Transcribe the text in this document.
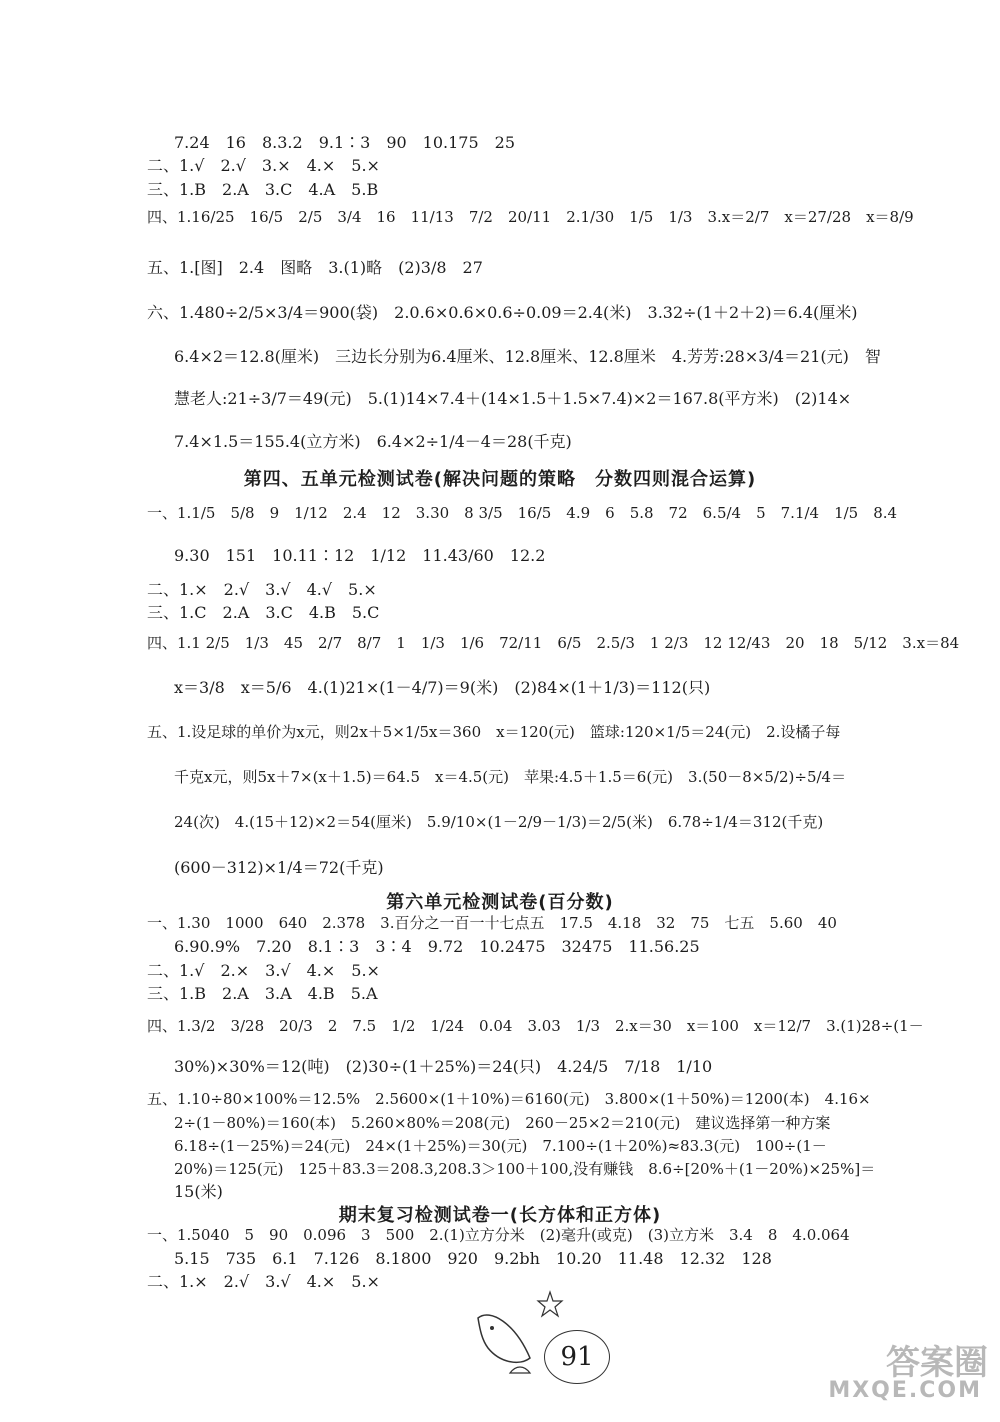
7.24　16　8.3.2　9.1∶3　90　10.175　25
二、1.√　2.√　3.×　4.×　5.×
三、1.B　2.A　3.C　4.A　5.B
四、1.16/25　16/5　2/5　3/4　16　11/13　7/2　20/11　2.1/30　1/5　1/3　3.x＝2/7　x＝27/28　x＝8/9
五、1.[图]　2.4　图略　3.(1)略　(2)3/8　27
六、1.480÷2/5×3/4＝900(袋)　2.0.6×0.6×0.6÷0.09＝2.4(米)　3.32÷(1＋2＋2)＝6.4(厘米)
6.4×2＝12.8(厘米)　三边长分别为6.4厘米、12.8厘米、12.8厘米　4.芳芳:28×3/4＝21(元)　智
慧老人:21÷3/7＝49(元)　5.(1)14×7.4＋(14×1.5＋1.5×7.4)×2＝167.8(平方米)　(2)14×
7.4×1.5＝155.4(立方米)　6.4×2÷1/4－4＝28(千克)
第四、五单元检测试卷(解决问题的策略　分数四则混合运算)
一、1.1/5　5/8　9　1/12　2.4　12　3.30　8 3/5　16/5　4.9　6　5.8　72　6.5/4　5　7.1/4　1/5　8.4
9.30　151　10.11∶12　1/12　11.43/60　12.2
二、1.×　2.√　3.√　4.√　5.×
三、1.C　2.A　3.C　4.B　5.C
四、1.1 2/5　1/3　45　2/7　8/7　1　1/3　1/6　72/11　6/5　2.5/3　1 2/3　12 12/43　20　18　5/12　3.x＝84
x＝3/8　x＝5/6　4.(1)21×(1－4/7)＝9(米)　(2)84×(1＋1/3)＝112(只)
五、1.设足球的单价为x元，则2x＋5×1/5x＝360　x＝120(元)　篮球:120×1/5＝24(元)　2.设橘子每
千克x元，则5x＋7×(x＋1.5)＝64.5　x＝4.5(元)　苹果:4.5＋1.5＝6(元)　3.(50－8×5/2)÷5/4＝
24(次)　4.(15＋12)×2＝54(厘米)　5.9/10×(1－2/9－1/3)＝2/5(米)　6.78÷1/4＝312(千克)
(600－312)×1/4＝72(千克)
第六单元检测试卷(百分数)
一、1.30　1000　640　2.378　3.百分之一百一十七点五　17.5　4.18　32　75　七五　5.60　40
6.90.9%　7.20　8.1∶3　3∶4　9.72　10.2475　32475　11.56.25
二、1.√　2.×　3.√　4.×　5.×
三、1.B　2.A　3.A　4.B　5.A
四、1.3/2　3/28　20/3　2　7.5　1/2　1/24　0.04　3.03　1/3　2.x＝30　x＝100　x＝12/7　3.(1)28÷(1－
30%)×30%＝12(吨)　(2)30÷(1＋25%)＝24(只)　4.24/5　7/18　1/10
五、1.10÷80×100%＝12.5%　2.5600×(1＋10%)＝6160(元)　3.800×(1＋50%)＝1200(本)　4.16×
2÷(1－80%)＝160(本)　5.260×80%＝208(元)　260－25×2＝210(元)　建议选择第一种方案
6.18÷(1－25%)＝24(元)　24×(1＋25%)＝30(元)　7.100÷(1＋20%)≈83.3(元)　100÷(1－
20%)＝125(元)　125＋83.3＝208.3,208.3＞100＋100,没有赚钱　8.6÷[20%＋(1－20%)×25%]＝
15(米)
期末复习检测试卷一(长方体和正方体)
一、1.5040　5　90　0.096　3　500　2.(1)立方分米　(2)毫升(或克)　(3)立方米　3.4　8　4.0.064
5.15　735　6.1　7.126　8.1800　920　9.2bh　10.20　11.48　12.32　128
二、1.×　2.√　3.√　4.×　5.×
91	答案圈
MXQE.COM
